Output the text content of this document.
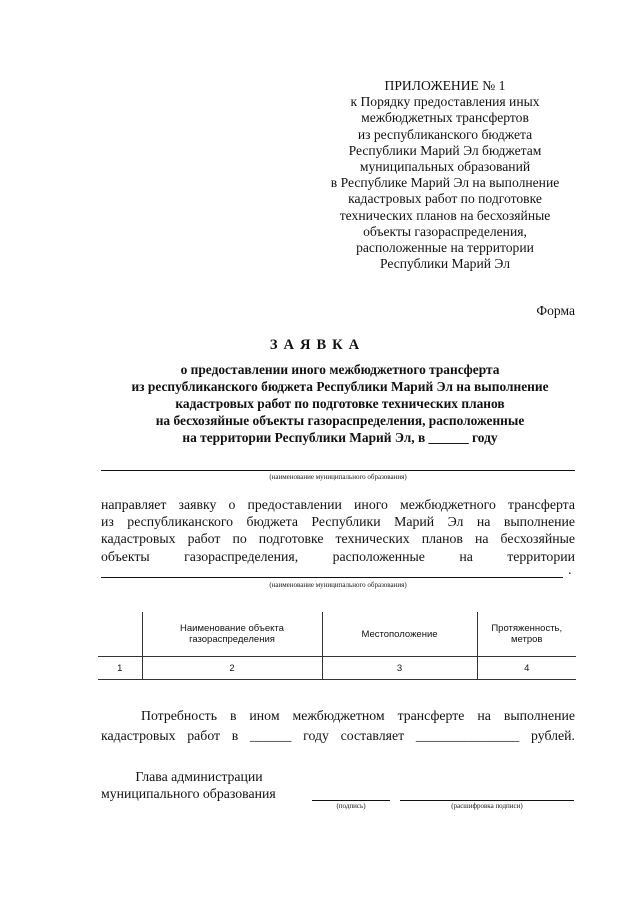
ПРИЛОЖЕНИЕ № 1
к Порядку предоставления иных
межбюджетных трансфертов
из республиканского бюджета
Республики Марий Эл бюджетам
муниципальных образований
в Республике Марий Эл на выполнение
кадастровых работ по подготовке
технических планов на бесхозяйные
объекты газораспределения,
расположенные на территории
Республики Марий Эл
Форма
ЗАЯВКА
о предоставлении иного межбюджетного трансферта
из республиканского бюджета Республики Марий Эл на выполнение
кадастровых работ по подготовке технических планов
на бесхозяйные объекты газораспределения, расположенные
на территории Республики Марий Эл, в ______ году
(наименование муниципального образования)
направляет заявку о предоставлении иного межбюджетного трансферта
из республиканского бюджета Республики Марий Эл на выполнение
кадастровых работ по подготовке технических планов на бесхозяйные
объекты газораспределения, расположенные на территории
.
(наименование муниципального образования)
	Наименование объекта газораспределения	Местоположение	Протяженность, метров
1	2	3	4
Потребность в ином межбюджетном трансферте на выполнение
кадастровых работ в ______ году составляет _______________ рублей.
Глава администрации
муниципального образования
(подпись)	(расшифровка подписи)
